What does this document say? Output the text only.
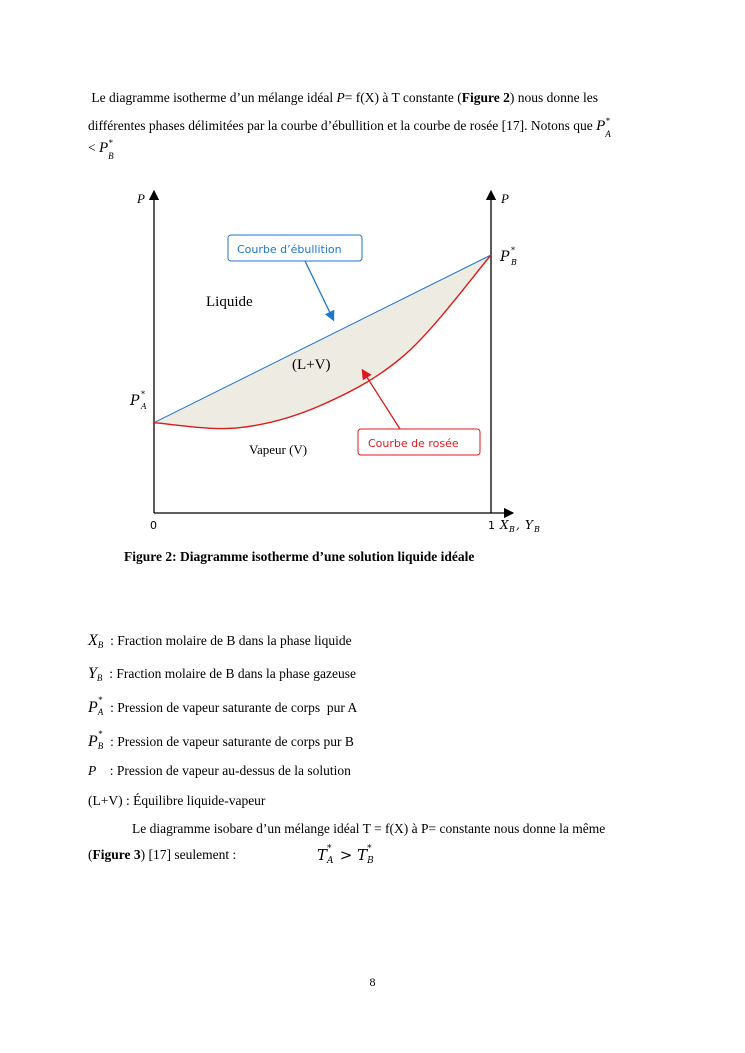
Le diagramme isotherme d’un mélange idéal P= f(X) à T constante (Figure 2) nous donne les
différentes phases délimitées par la courbe d’ébullition et la courbe de rosée [17]. Notons que P *
A
< P *
B
P	P
0	1 X B , Y B
P *
A
P *
B
Liquide
(L+V)
Vapeur (V)
Courbe d’ébullition
Courbe de rosée
Figure 2: Diagramme isotherme d’une solution liquide idéale
X B : Fraction molaire de B dans la phase liquide
Y B : Fraction molaire de B dans la phase gazeuse
P *
A : Pression de vapeur saturante de corps  pur A
P *
B : Pression de vapeur saturante de corps pur B
P    : Pression de vapeur au-dessus de la solution
(L+V) : Équilibre liquide-vapeur
Le diagramme isobare d’un mélange idéal T = f(X) à P= constante nous donne la même
(Figure 3) [17] seulement :	T *
A > T *
B
8
